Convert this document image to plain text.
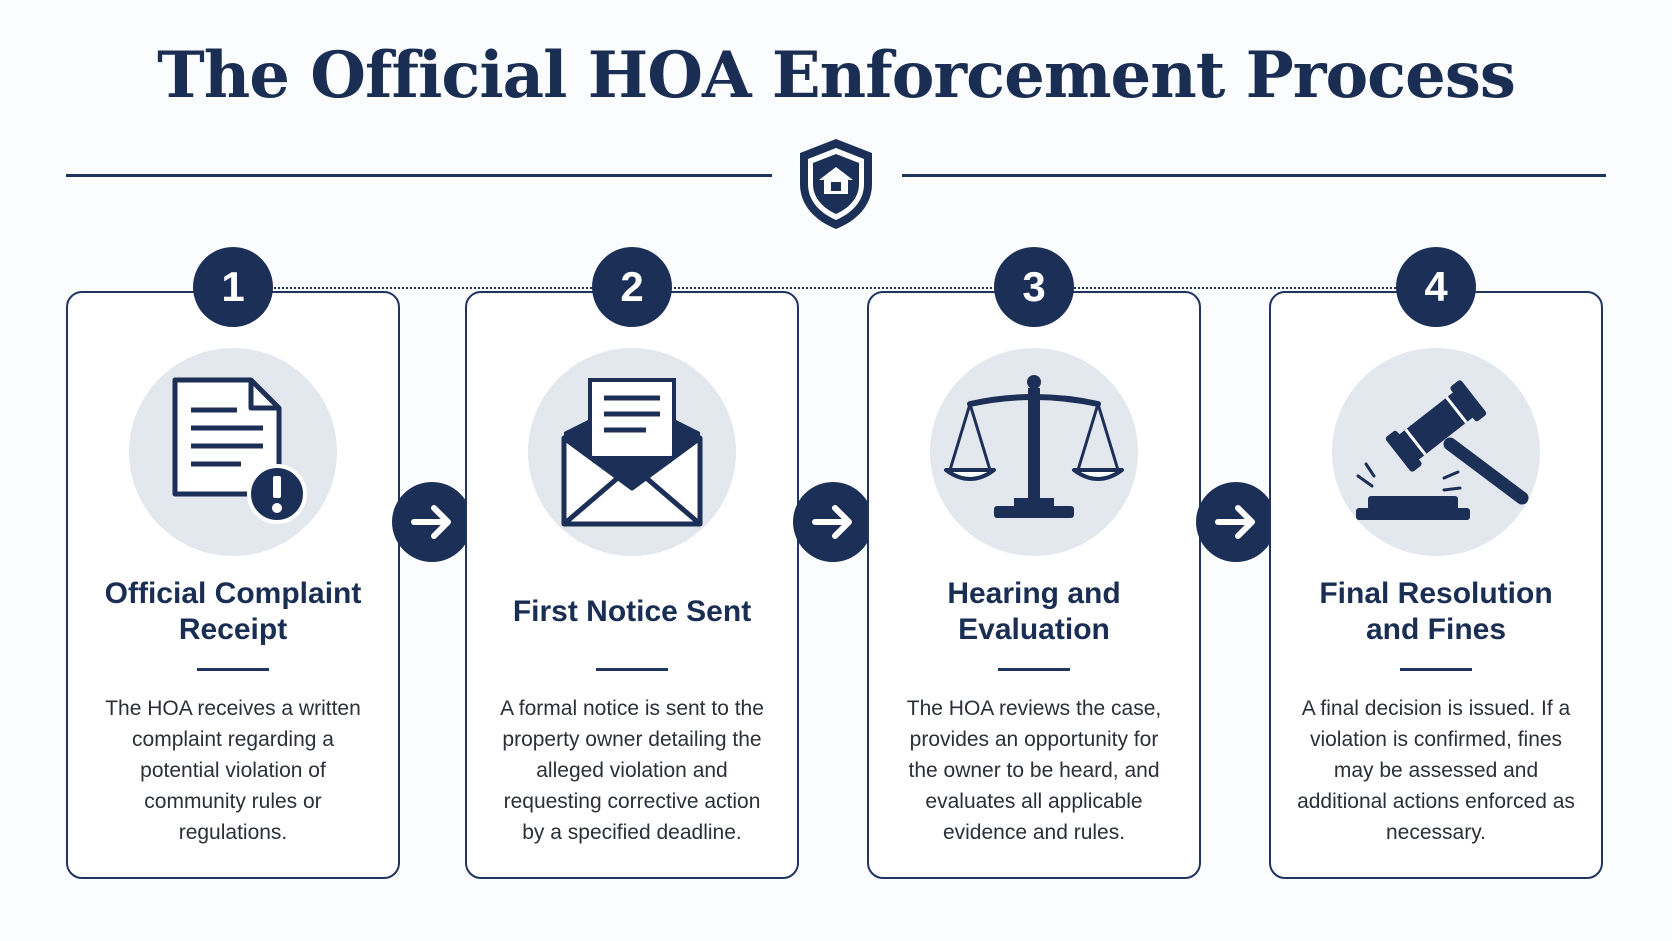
The Official HOA Enforcement Process
1
Official Complaint Receipt
The HOA receives a written complaint regarding a potential violation of community rules or regulations.
2
First Notice Sent
A formal notice is sent to the property owner detailing the alleged violation and requesting corrective action by a specified deadline.
3
Hearing and Evaluation
The HOA reviews the case, provides an opportunity for the owner to be heard, and evaluates all applicable evidence and rules.
4
Final Resolution and Fines
A final decision is issued. If a violation is confirmed, fines may be assessed and additional actions enforced as necessary.
